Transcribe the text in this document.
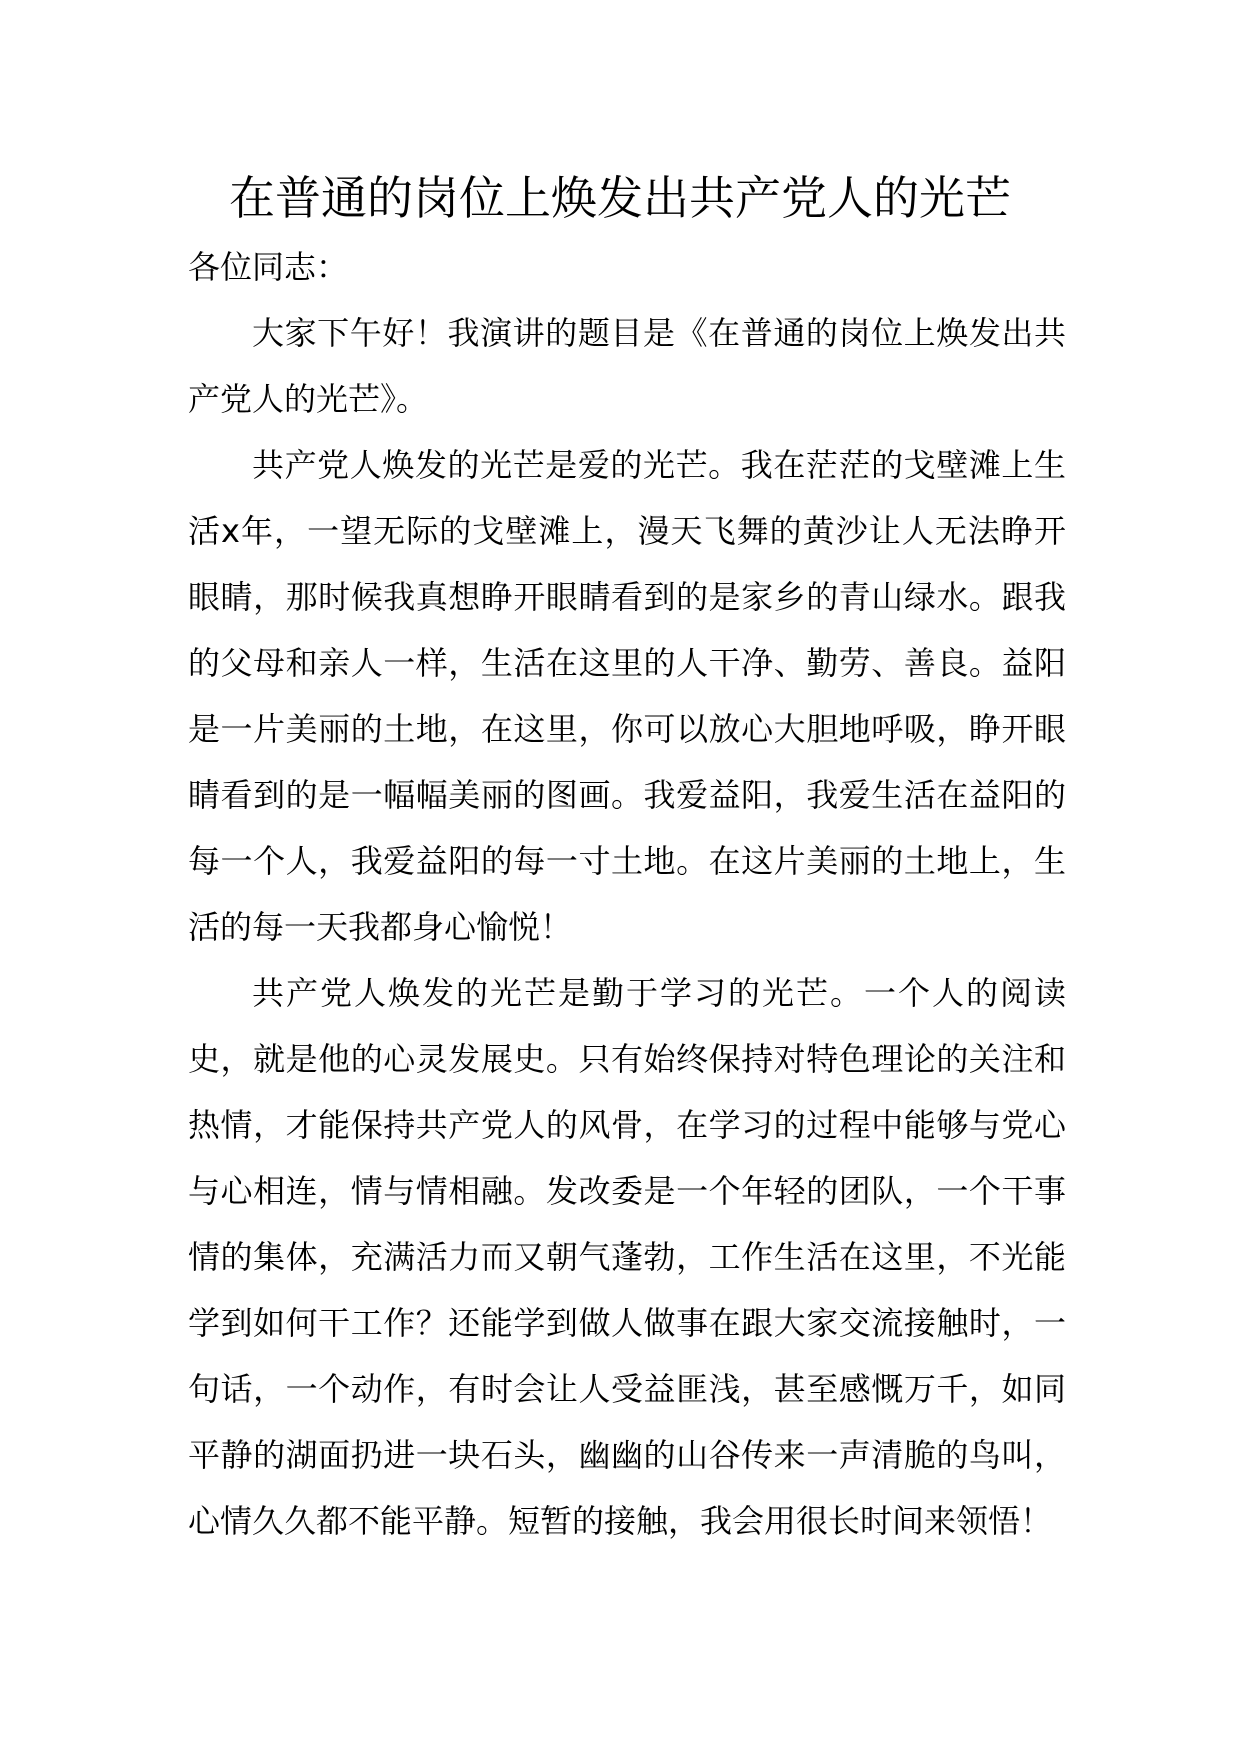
在普通的岗位上焕发出共产党人的光芒

各位同志：

大家下午好！我演讲的题目是《在普通的岗位上焕发出共产党人的光芒》。

共产党人焕发的光芒是爱的光芒。我在茫茫的戈壁滩上生活x年，一望无际的戈壁滩上，漫天飞舞的黄沙让人无法睁开眼睛，那时候我真想睁开眼睛看到的是家乡的青山绿水。跟我的父母和亲人一样，生活在这里的人干净、勤劳、善良。益阳是一片美丽的土地，在这里，你可以放心大胆地呼吸，睁开眼睛看到的是一幅幅美丽的图画。我爱益阳，我爱生活在益阳的每一个人，我爱益阳的每一寸土地。在这片美丽的土地上，生活的每一天我都身心愉悦！

共产党人焕发的光芒是勤于学习的光芒。一个人的阅读史，就是他的心灵发展史。只有始终保持对特色理论的关注和热情，才能保持共产党人的风骨，在学习的过程中能够与党心与心相连，情与情相融。发改委是一个年轻的团队，一个干事情的集体，充满活力而又朝气蓬勃，工作生活在这里，不光能学到如何干工作？还能学到做人做事在跟大家交流接触时，一句话，一个动作，有时会让人受益匪浅，甚至感慨万千，如同平静的湖面扔进一块石头，幽幽的山谷传来一声清脆的鸟叫，心情久久都不能平静。短暂的接触，我会用很长时间来领悟！
